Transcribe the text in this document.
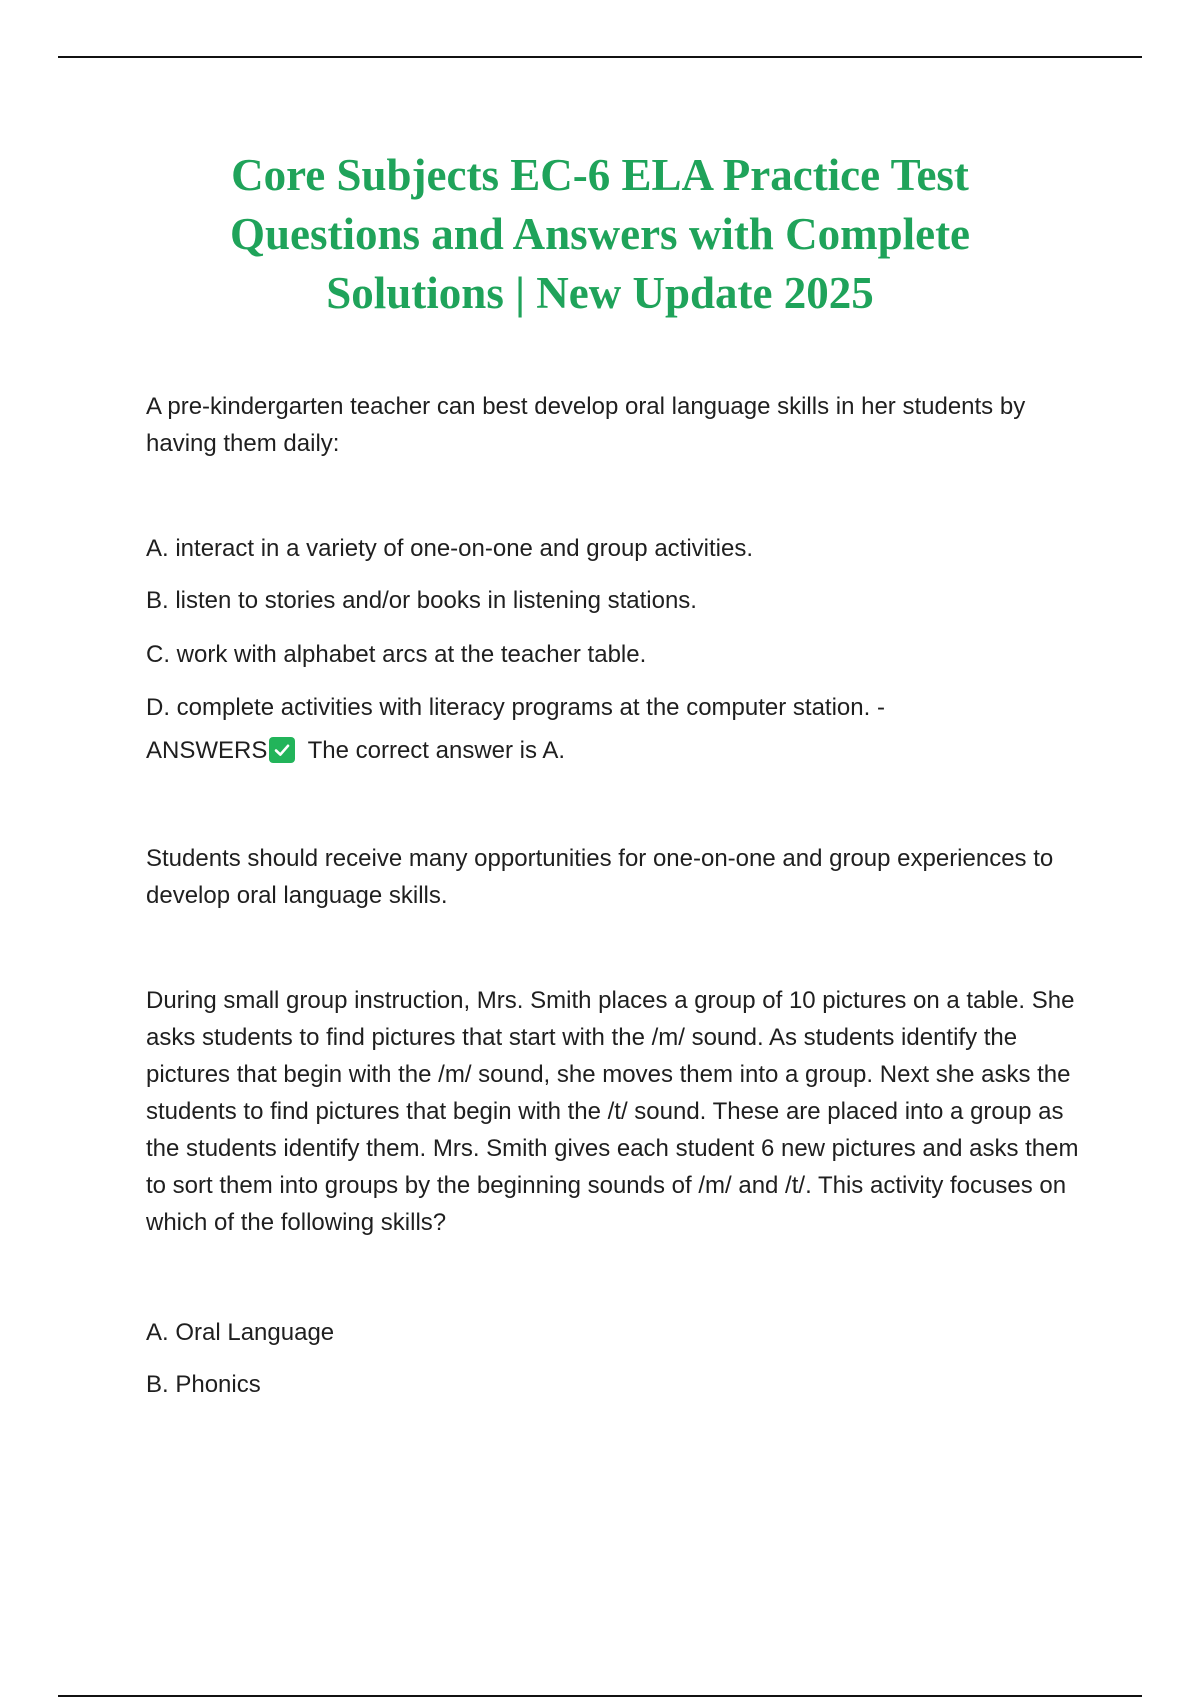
Core Subjects EC-6 ELA Practice Test Questions and Answers with Complete Solutions | New Update 2025

A pre-kindergarten teacher can best develop oral language skills in her students by having them daily:

A. interact in a variety of one-on-one and group activities.

B. listen to stories and/or books in listening stations.

C. work with alphabet arcs at the teacher table.

D. complete activities with literacy programs at the computer station. -

ANSWERS The correct answer is A.

Students should receive many opportunities for one-on-one and group experiences to develop oral language skills.

During small group instruction, Mrs. Smith places a group of 10 pictures on a table. She asks students to find pictures that start with the /m/ sound. As students identify the pictures that begin with the /m/ sound, she moves them into a group. Next she asks the students to find pictures that begin with the /t/ sound. These are placed into a group as the students identify them. Mrs. Smith gives each student 6 new pictures and asks them to sort them into groups by the beginning sounds of /m/ and /t/. This activity focuses on which of the following skills?

A. Oral Language

B. Phonics
